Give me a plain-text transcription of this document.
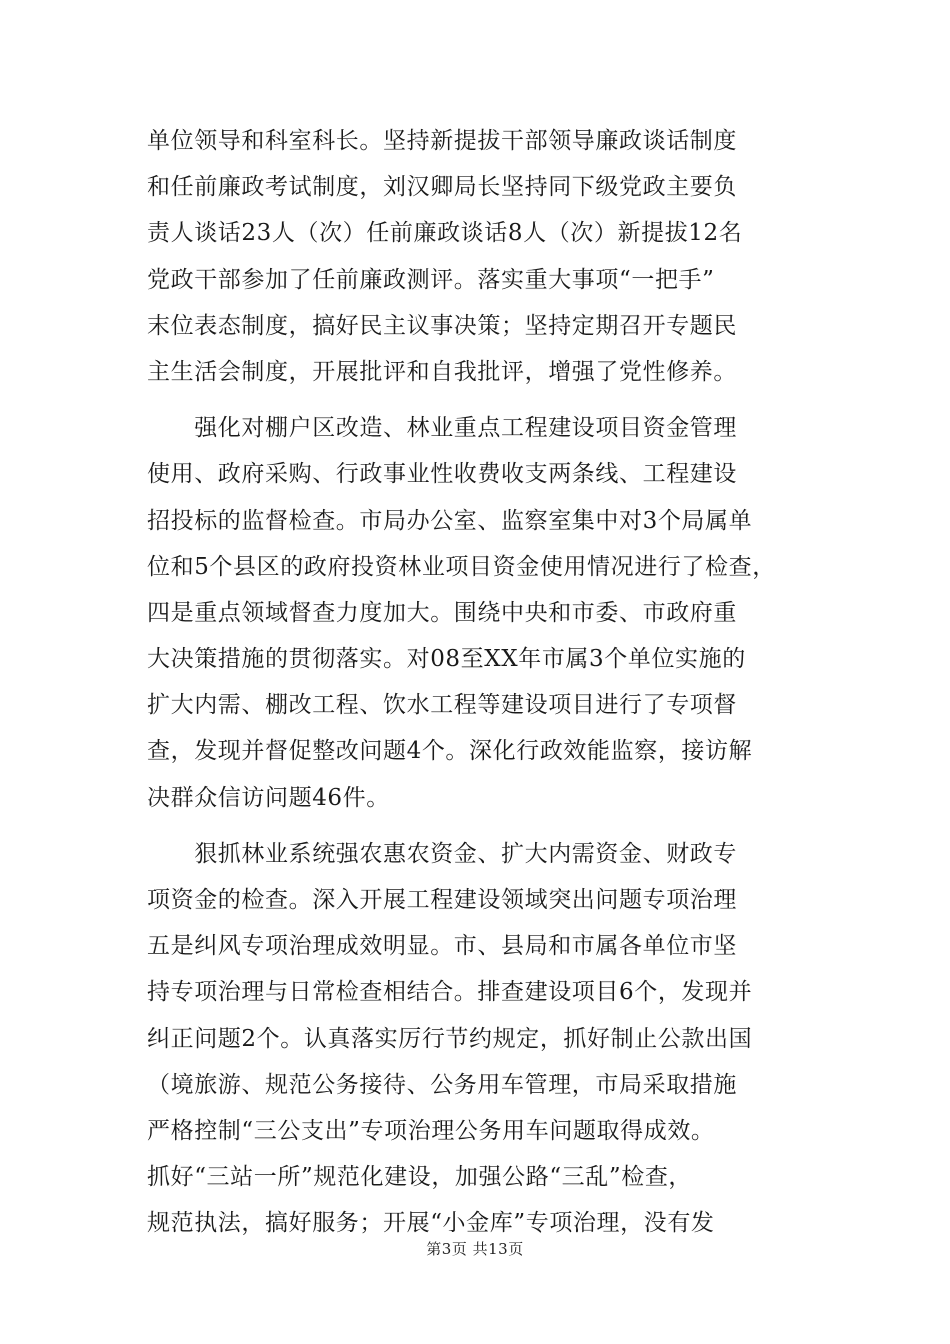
单位领导和科室科长。坚持新提拔干部领导廉政谈话制度
和任前廉政考试制度，刘汉卿局长坚持同下级党政主要负
责人谈话23人（次）任前廉政谈话8人（次）新提拔12名
党政干部参加了任前廉政测评。落实重大事项“一把手”
末位表态制度，搞好民主议事决策；坚持定期召开专题民
主生活会制度，开展批评和自我批评，增强了党性修养。
　　强化对棚户区改造、林业重点工程建设项目资金管理
使用、政府采购、行政事业性收费收支两条线、工程建设
招投标的监督检查。市局办公室、监察室集中对3个局属单
位和5个县区的政府投资林业项目资金使用情况进行了检查，
四是重点领域督查力度加大。围绕中央和市委、市政府重
大决策措施的贯彻落实。对08至XX年市属3个单位实施的
扩大内需、棚改工程、饮水工程等建设项目进行了专项督
查，发现并督促整改问题4个。深化行政效能监察，接访解
决群众信访问题46件。
　　狠抓林业系统强农惠农资金、扩大内需资金、财政专
项资金的检查。深入开展工程建设领域突出问题专项治理
五是纠风专项治理成效明显。市、县局和市属各单位市坚
持专项治理与日常检查相结合。排查建设项目6个，发现并
纠正问题2个。认真落实厉行节约规定，抓好制止公款出国
（境旅游、规范公务接待、公务用车管理，市局采取措施
严格控制“三公支出”专项治理公务用车问题取得成效。
抓好“三站一所”规范化建设，加强公路“三乱”检查，
规范执法，搞好服务；开展“小金库”专项治理，没有发
第3页 共13页
